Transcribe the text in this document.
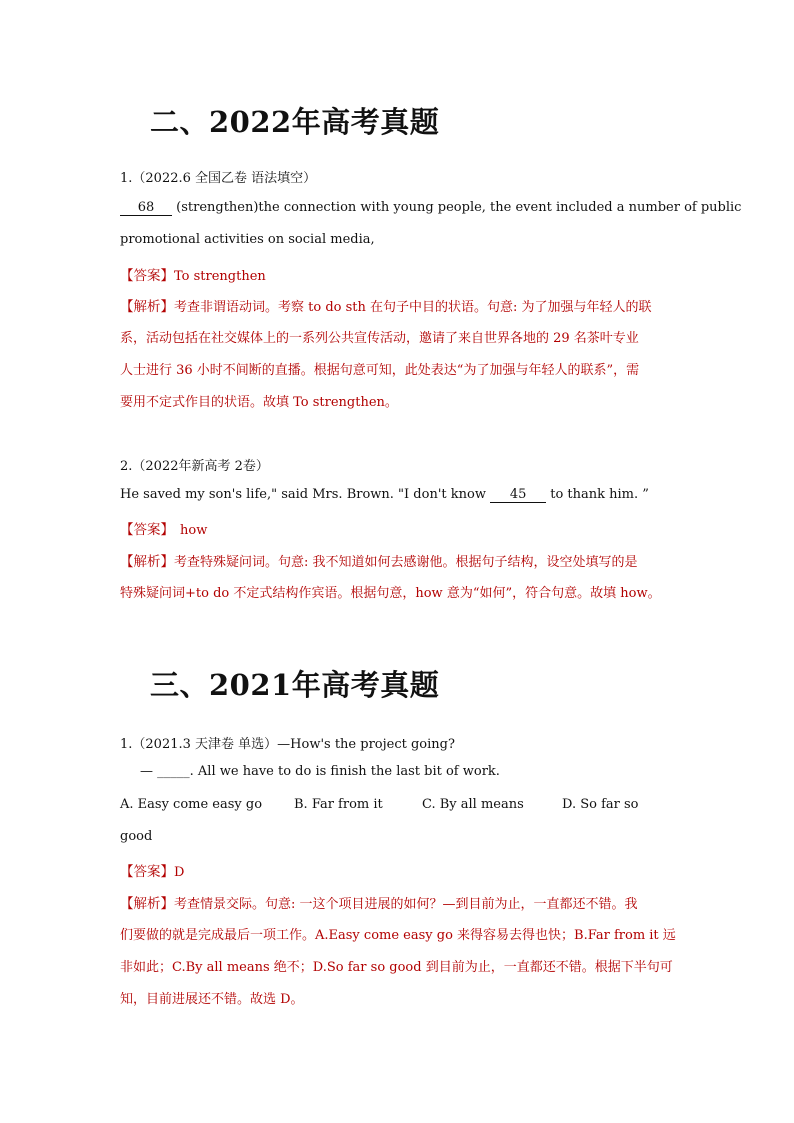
二、2022年高考真题
1.（2022.6 全国乙卷 语法填空）
68 (strengthen)the connection with young people, the event included a number of public
promotional activities on social media,
【答案】To strengthen
【解析】考查非谓语动词。考察 to do sth 在句子中目的状语。句意: 为了加强与年轻人的联
系，活动包括在社交媒体上的一系列公共宣传活动，邀请了来自世界各地的 29 名茶叶专业
人士进行 36 小时不间断的直播。根据句意可知，此处表达“为了加强与年轻人的联系”，需
要用不定式作目的状语。故填 To strengthen。
2.（2022年新高考 2卷）
He saved my son's life," said Mrs. Brown. "I don't know 45 to thank him. ”
【答案】 how
【解析】考查特殊疑问词。句意: 我不知道如何去感谢他。根据句子结构，设空处填写的是
特殊疑问词+to do 不定式结构作宾语。根据句意，how 意为“如何”，符合句意。故填 how。
三、2021年高考真题
1.（2021.3 天津卷 单选）—How's the project going?
— _____. All we have to do is finish the last bit of work.
A. Easy come easy go B. Far from it	C. By all means	D. So far so
good
【答案】D
【解析】考查情景交际。句意: 一这个项目进展的如何？—到目前为止，一直都还不错。我
们要做的就是完成最后一项工作。A.Easy come easy go 来得容易去得也快；B.Far from it 远
非如此；C.By all means 绝不；D.So far so good 到目前为止，一直都还不错。根据下半句可
知，目前进展还不错。故选 D。
